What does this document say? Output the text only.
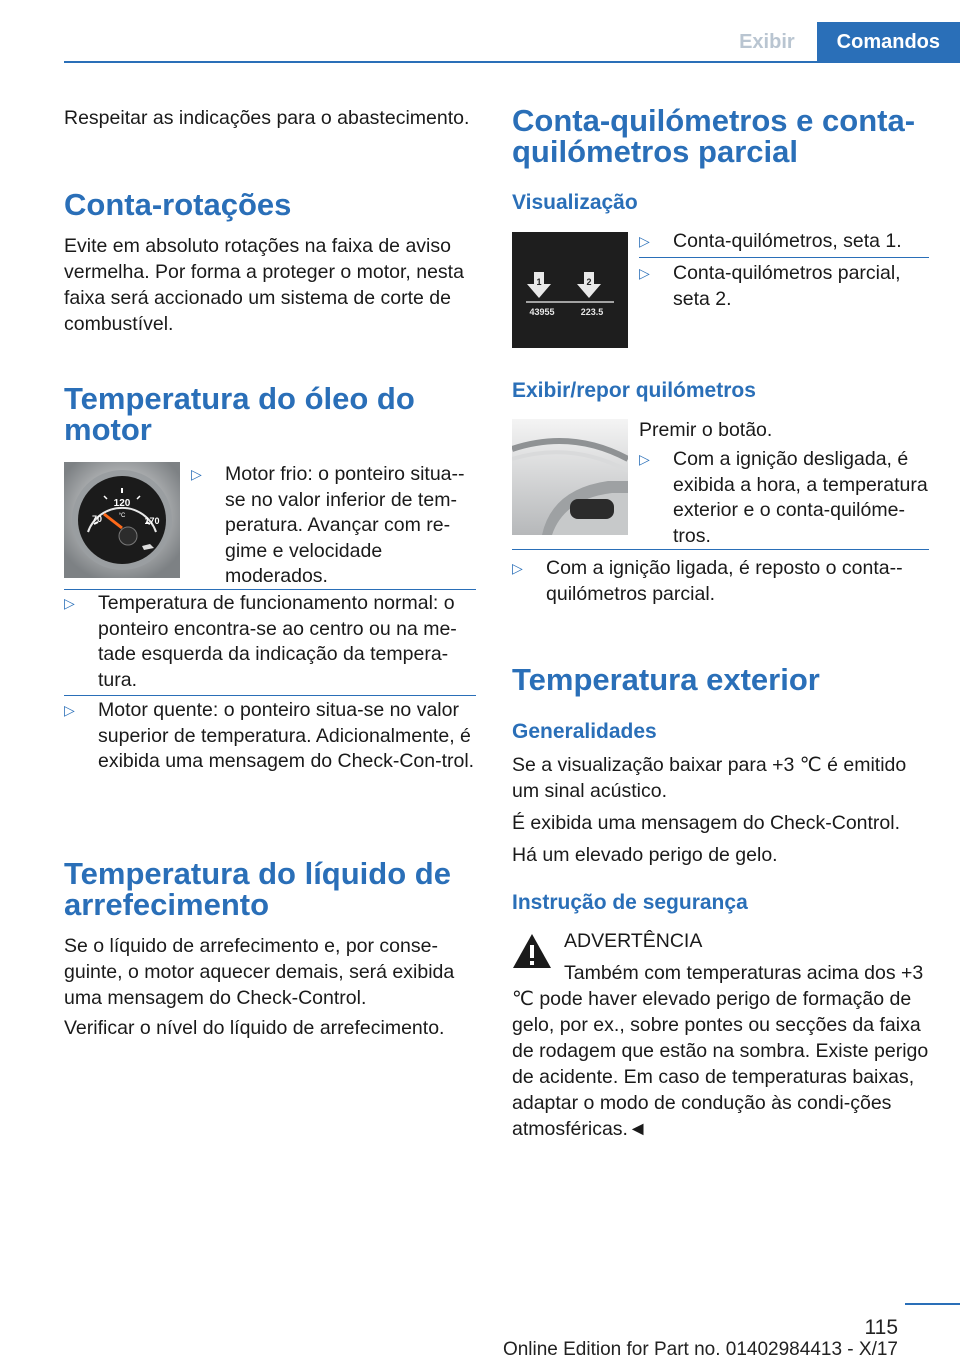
Exibir	Comandos

Respeitar as indicações para o abastecimento.

Conta-rotações

Evite em absoluto rotações na faixa de aviso vermelha. Por forma a proteger o motor, nesta faixa será accionado um sistema de corte de combustível.

Temperatura do óleo do
motor
120
°C
70	170
▷ Motor frio: o ponteiro situa--se no valor inferior de tem-peratura. Avançar com re-gime e velocidade moderados.
▷ Temperatura de funcionamento normal: o ponteiro encontra-se ao centro ou na me-tade esquerda da indicação da tempera-tura.
▷ Motor quente: o ponteiro situa-se no valor superior de temperatura. Adicionalmente, é exibida uma mensagem do Check-Con-trol.
Temperatura do líquido de
arrefecimento

Se o líquido de arrefecimento e, por conse-guinte, o motor aquecer demais, será exibida uma mensagem do Check-Control.

Verificar o nível do líquido de arrefecimento.

Conta-quilómetros e conta-
quilómetros parcial
Visualização
1	2
43955	223.5
▷ Conta-quilómetros, seta 1.
▷ Conta-quilómetros parcial, seta 2.
Exibir/repor quilómetros

Premir o botão.

▷ Com a ignição desligada, é exibida a hora, a temperatura exterior e o conta-quilóme-tros.
▷ Com a ignição ligada, é reposto o conta--quilómetros parcial.
Temperatura exterior
Generalidades

Se a visualização baixar para +3 ℃ é emitido um sinal acústico.

É exibida uma mensagem do Check-Control.

Há um elevado perigo de gelo.

Instrução de segurança

ADVERTÊNCIA

Também com temperaturas acima dos +3 ℃ pode haver elevado perigo de formação de gelo, por ex., sobre pontes ou secções da faixa de rodagem que estão na sombra. Existe perigo de acidente. Em caso de temperaturas baixas, adaptar o modo de condução às condi-ções atmosféricas.◄

115
Online Edition for Part no. 01402984413 - X/17
